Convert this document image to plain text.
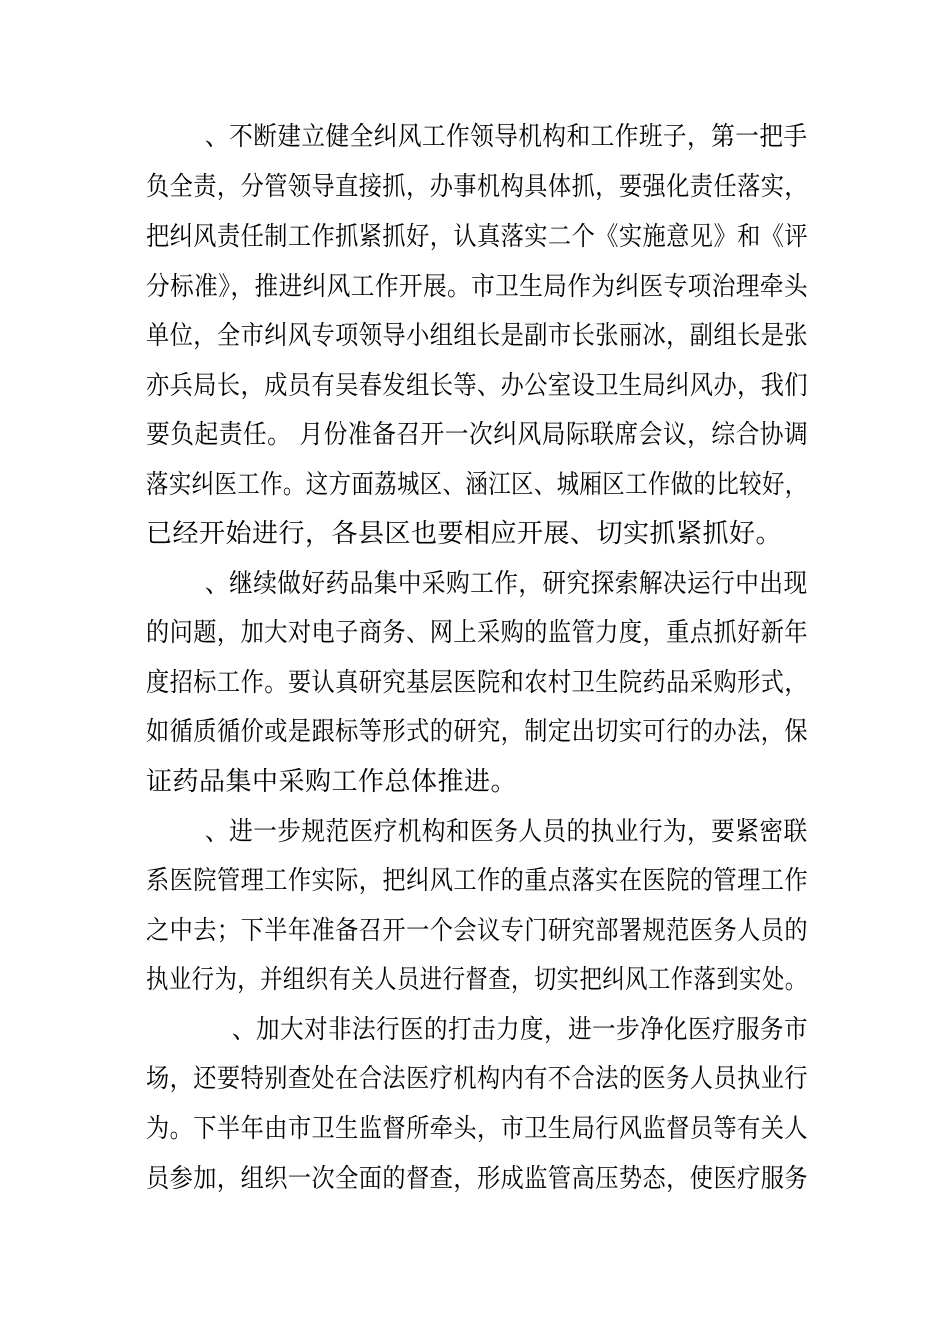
、不断建立健全纠风工作领导机构和工作班子，第一把手
负全责，分管领导直接抓，办事机构具体抓，要强化责任落实，
把纠风责任制工作抓紧抓好，认真落实二个《实施意见》和《评
分标准》，推进纠风工作开展。市卫生局作为纠医专项治理牵头
单位，全市纠风专项领导小组组长是副市长张丽冰，副组长是张
亦兵局长，成员有吴春发组长等、办公室设卫生局纠风办，我们
要负起责任。 月份准备召开一次纠风局际联席会议，综合协调
落实纠医工作。这方面荔城区、涵江区、城厢区工作做的比较好，
已经开始进行，各县区也要相应开展、切实抓紧抓好。
、继续做好药品集中采购工作，研究探索解决运行中出现
的问题，加大对电子商务、网上采购的监管力度，重点抓好新年
度招标工作。要认真研究基层医院和农村卫生院药品采购形式，
如循质循价或是跟标等形式的研究，制定出切实可行的办法，保
证药品集中采购工作总体推进。
、进一步规范医疗机构和医务人员的执业行为，要紧密联
系医院管理工作实际，把纠风工作的重点落实在医院的管理工作
之中去；下半年准备召开一个会议专门研究部署规范医务人员的
执业行为，并组织有关人员进行督查，切实把纠风工作落到实处。
、加大对非法行医的打击力度，进一步净化医疗服务市
场，还要特别查处在合法医疗机构内有不合法的医务人员执业行
为。下半年由市卫生监督所牵头，市卫生局行风监督员等有关人
员参加，组织一次全面的督查，形成监管高压势态，使医疗服务
